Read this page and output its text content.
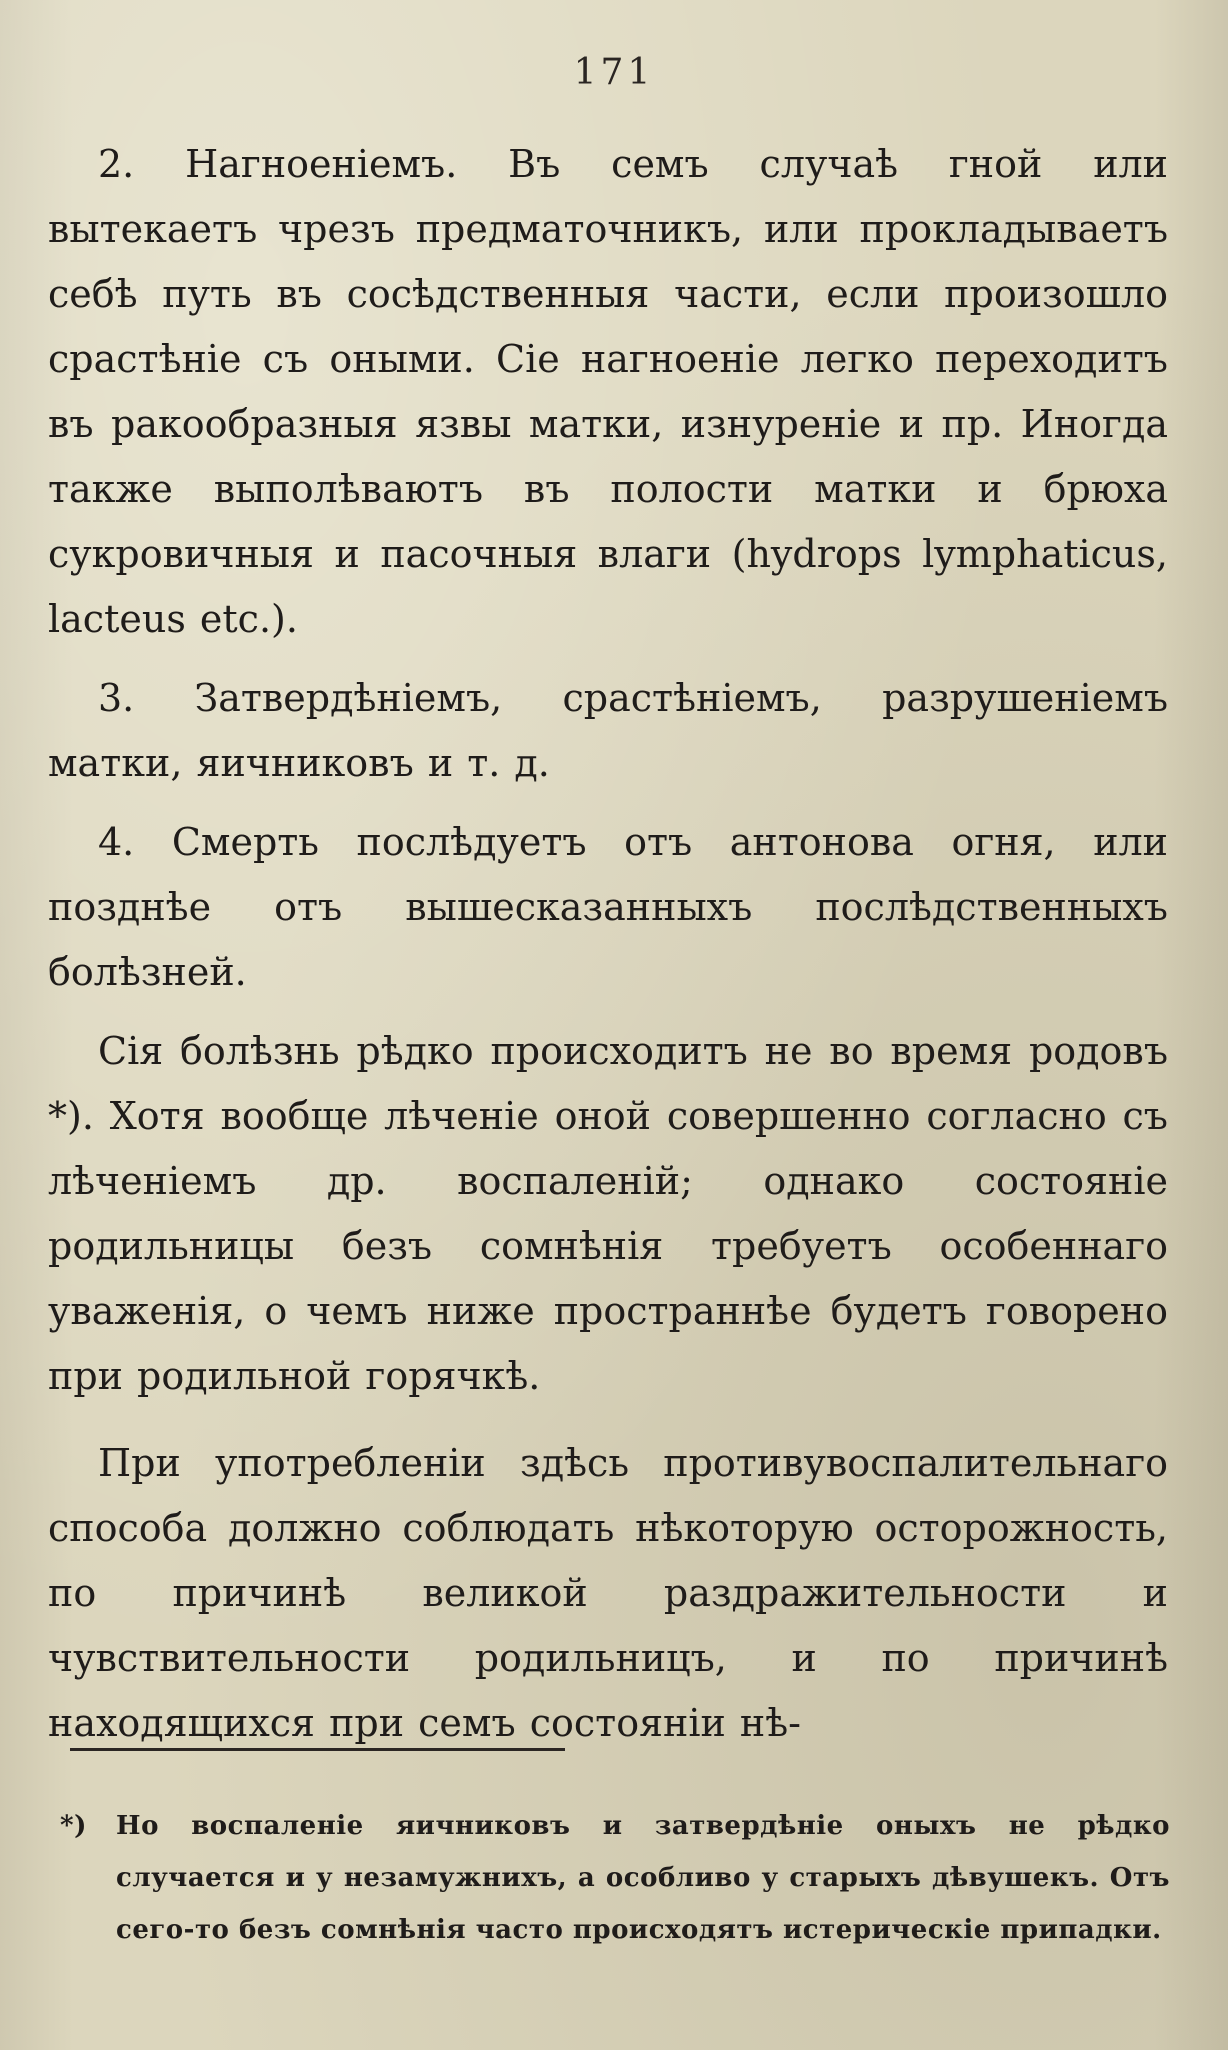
171

2. Нагноенiемъ. Въ семъ случаѣ гной или вытекаетъ чрезъ предматочникъ, или прокладываетъ себѣ путь въ сосѣдственныя части, если произошло срастѣнiе съ оными. Сiе нагноенiе легко переходитъ въ ракообразныя язвы матки, изнуренiе и пр. Иногда также выполѣваютъ въ полости матки и брюха сукровичныя и пасочныя влаги (hydrops lymphaticus, lacteus etc.).

3. Затвердѣнiемъ, срастѣнiемъ, разрушенiемъ матки, яичниковъ и т. д.

4. Смерть послѣдуетъ отъ антонова огня, или позднѣе отъ вышесказанныхъ послѣдственныхъ болѣзней.

Сiя болѣзнь рѣдко происходитъ не во время родовъ *). Хотя вообще лѣченiе оной совершенно согласно съ лѣченiемъ др. воспаленiй; однако состоянiе родильницы безъ сомнѣнiя требуетъ особеннаго уваженiя, о чемъ ниже пространнѣе будетъ говорено при родильной горячкѣ.

При употребленiи здѣсь противувоспалительнаго способа должно соблюдать нѣкоторую осторожность, по причинѣ великой раздражительности и чувствительности родильницъ, и по причинѣ находящихся при семъ состоянiи нѣ-

*) Но воспаленiе яичниковъ и затвердѣнiе оныхъ не рѣдко случается и у незамужнихъ, а особливо у старыхъ дѣвушекъ. Отъ сего-то безъ сомнѣнiя часто происходятъ истерическiе припадки.
